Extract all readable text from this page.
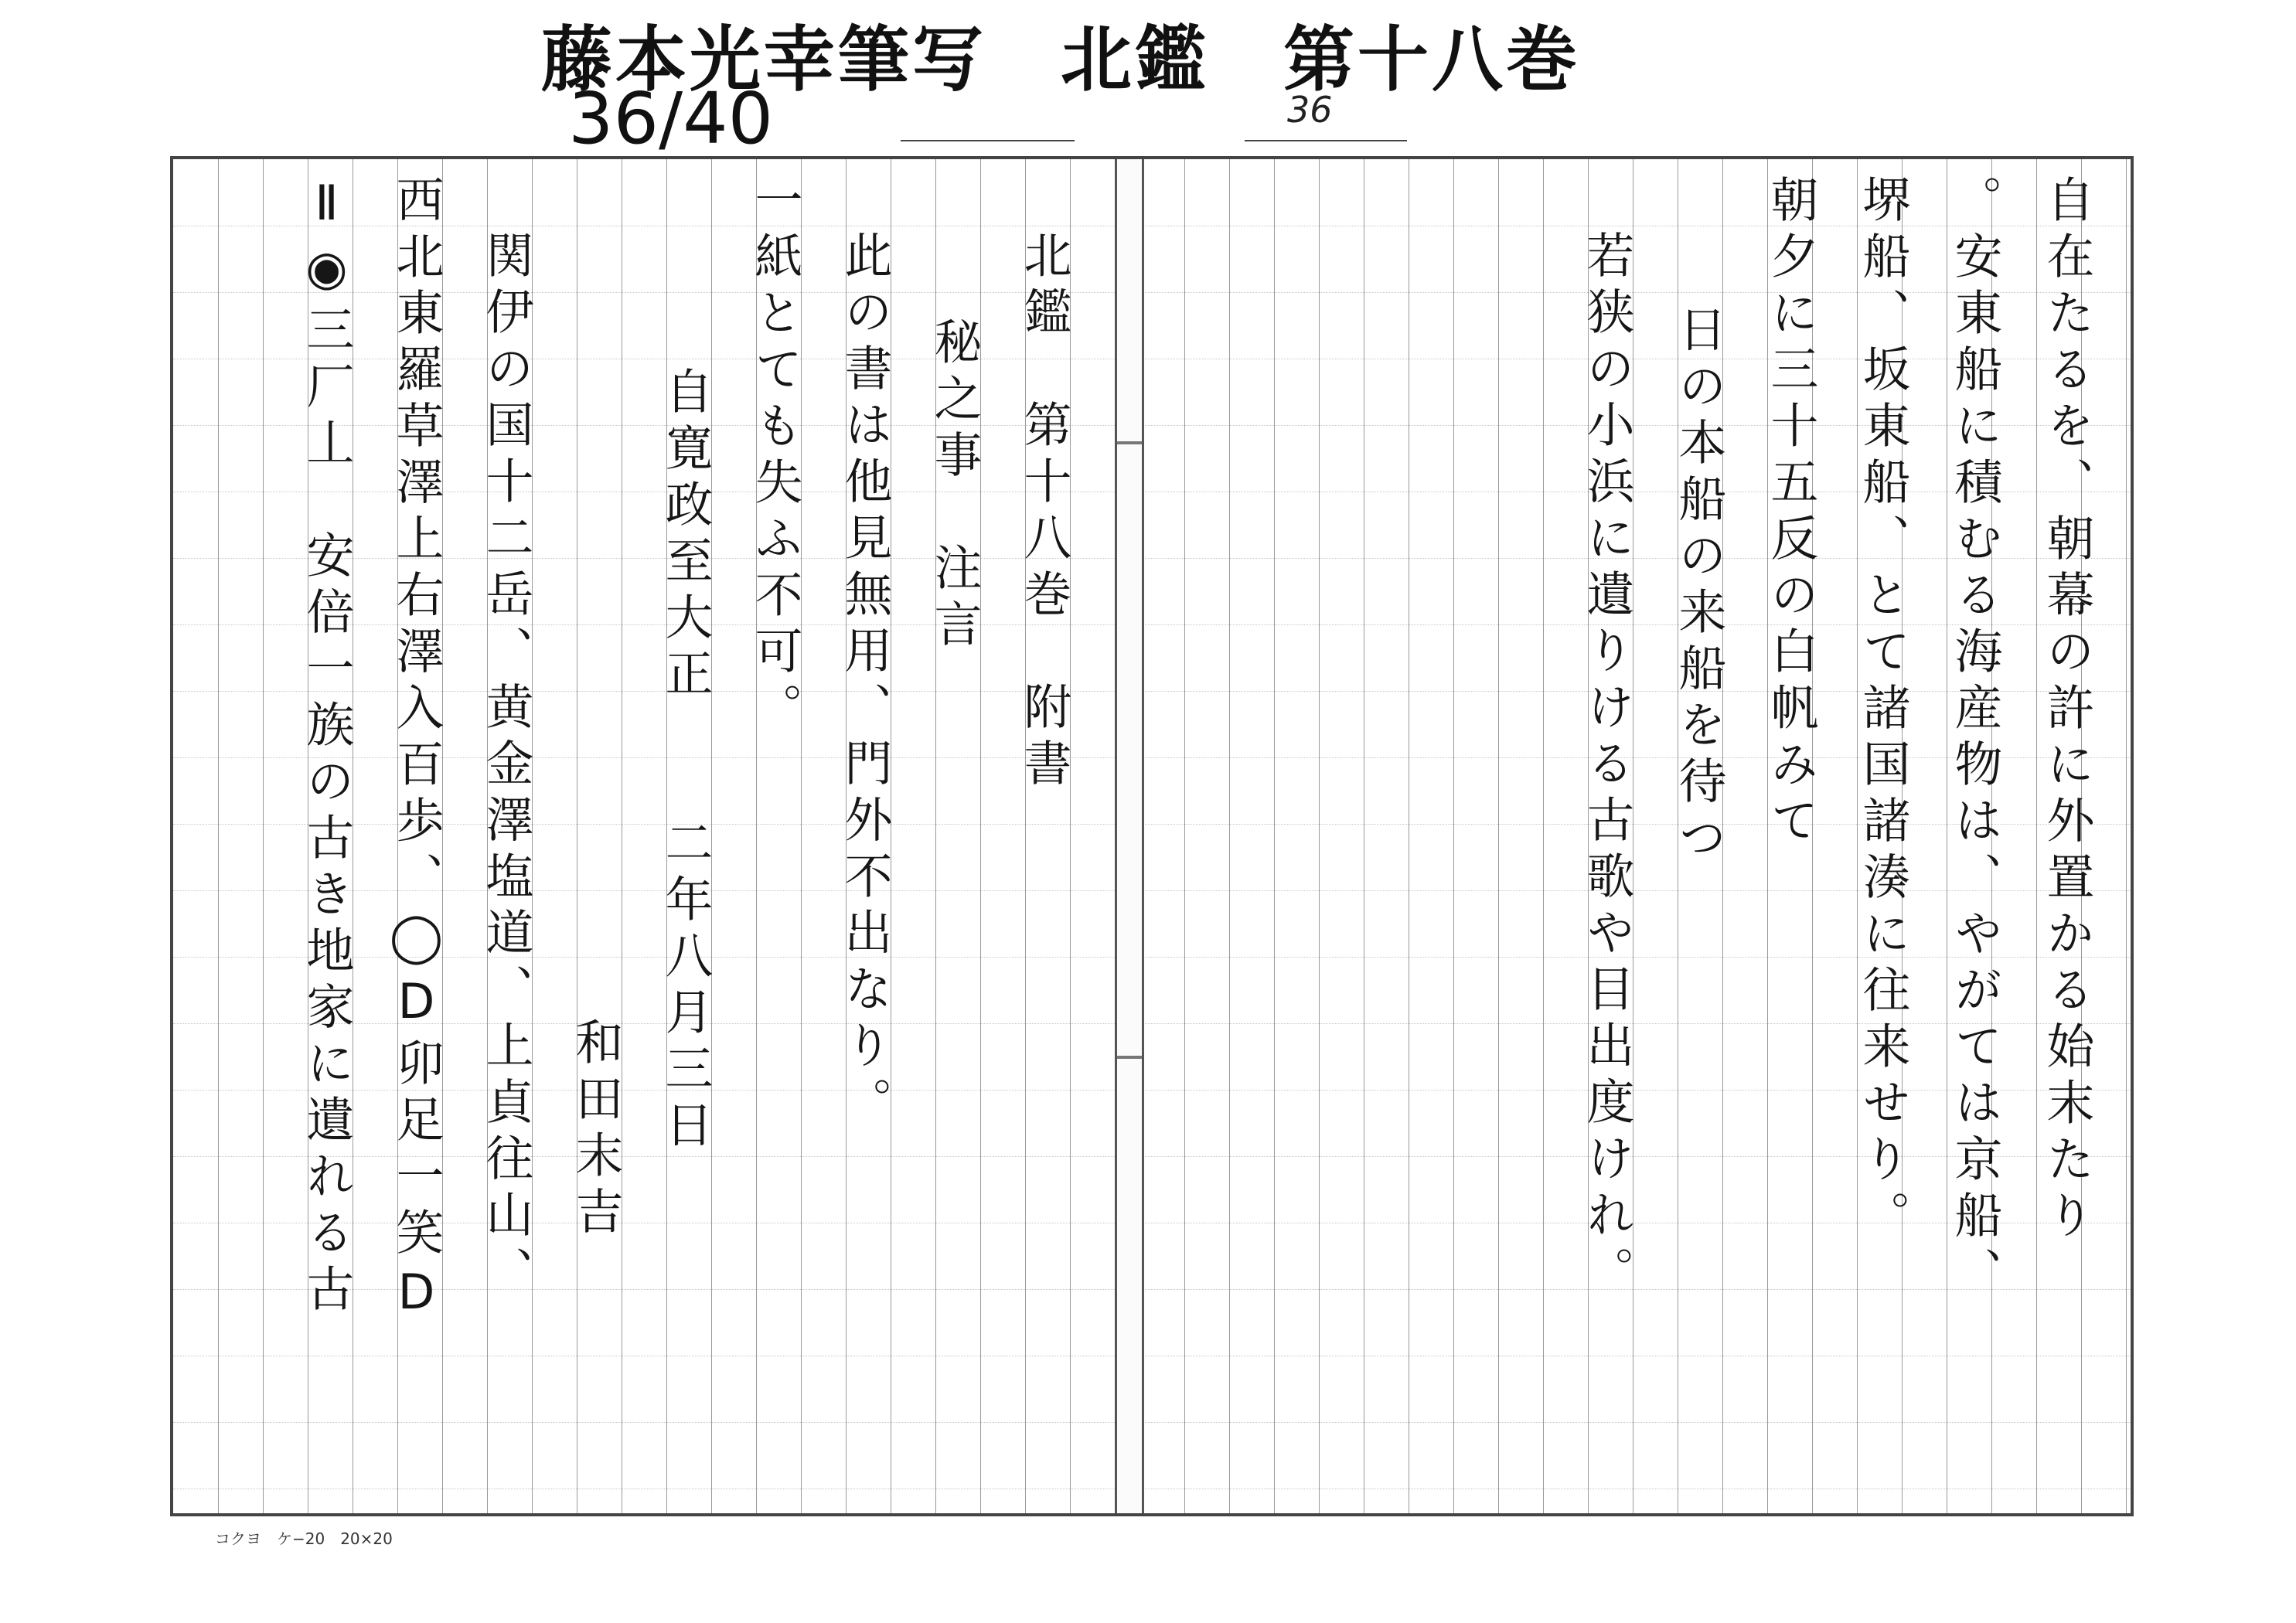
藤本光幸筆写　北鑑　第十八巻
36/40	36
自在たるを、朝幕の許に外置かる始末たり
。安東船に積むる海産物は、やがては京船、
堺船、坂東船、とて諸国諸湊に往来せり。
朝夕に三十五反の白帆みて
日の本船の来船を待つ
若狭の小浜に遺りける古歌や目出度けれ。
北鑑　第十八巻　附書
秘之事　注言
此の書は他見無用、門外不出なり。
一紙とても失ふ不可。
自寛政至大正　　二年八月三日
和田末吉
関伊の国十二岳、黄金澤塩道、上貞往山、
西北東羅草澤上右澤入百歩、◯D卯足一笑D
Ⅱ◉三厂丄　安倍一族の古き地家に遺れる古
コクヨ　ケ−20　20×20
